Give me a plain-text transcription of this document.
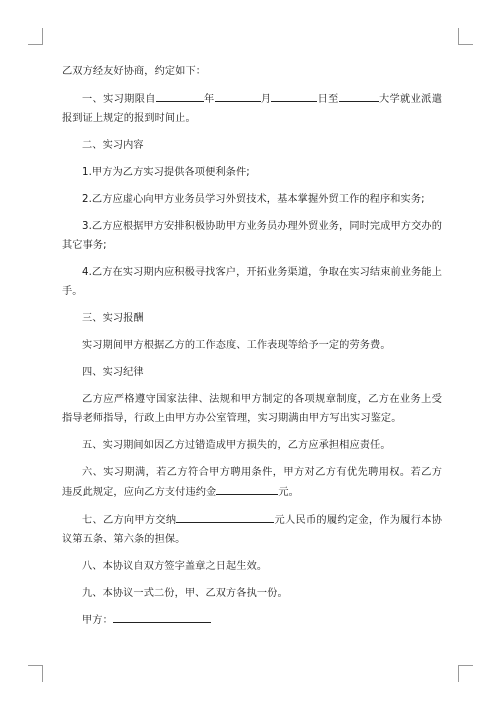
乙双方经友好协商，约定如下：

一、实习期限自	年	月	日至	大学就业派遣报到证上规定的报到时间止。

二、实习内容

1.甲方为乙方实习提供各项便利条件;

2.乙方应虚心向甲方业务员学习外贸技术，基本掌握外贸工作的程序和实务;

3.乙方应根据甲方安排积极协助甲方业务员办理外贸业务，同时完成甲方交办的其它事务;

4.乙方在实习期内应积极寻找客户，开拓业务渠道，争取在实习结束前业务能上手。

三、实习报酬

实习期间甲方根据乙方的工作态度、工作表现等给予一定的劳务费。

四、实习纪律

乙方应严格遵守国家法律、法规和甲方制定的各项规章制度，乙方在业务上受指导老师指导，行政上由甲方办公室管理，实习期满由甲方写出实习鉴定。

五、实习期间如因乙方过错造成甲方损失的，乙方应承担相应责任。

六、实习期满，若乙方符合甲方聘用条件，甲方对乙方有优先聘用权。若乙方违反此规定，应向乙方支付违约金	元。

七、乙方向甲方交纳	元人民币的履约定金，作为履行本协议第五条、第六条的担保。

八、本协议自双方签字盖章之日起生效。

九、本协议一式二份，甲、乙双方各执一份。

甲方：
